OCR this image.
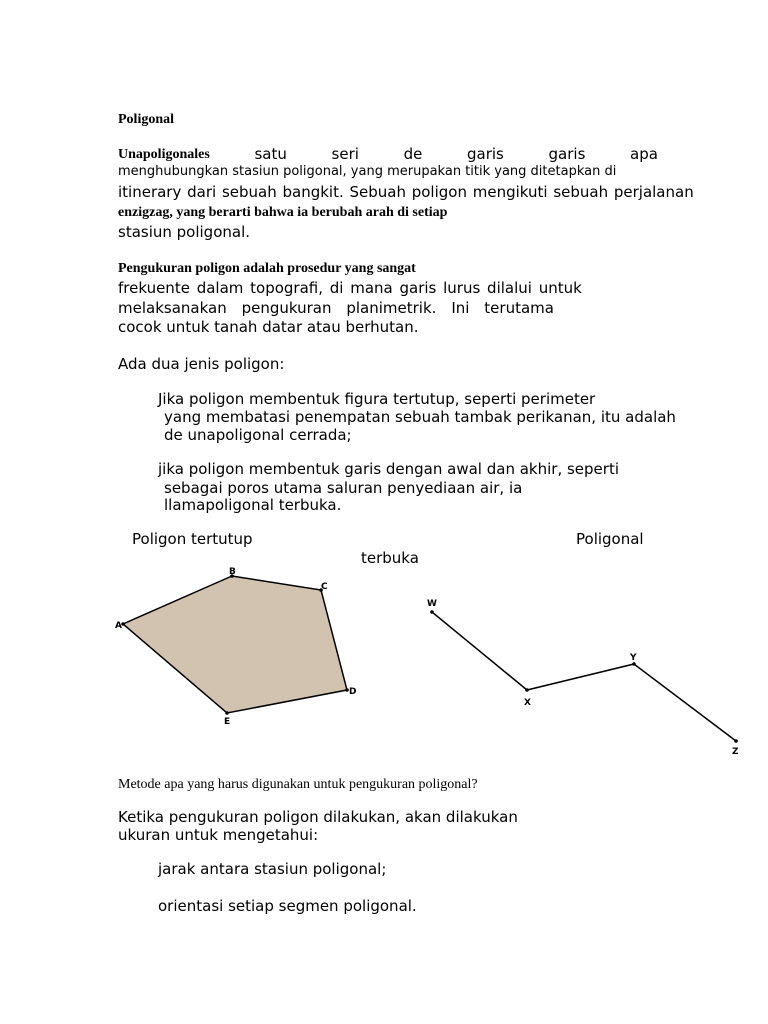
Poligonal
Unapoligonales	satu	seri	de	garis	garis	apa
menghubungkan stasiun poligonal, yang merupakan titik yang ditetapkan di
itinerary dari sebuah bangkit. Sebuah poligon mengikuti sebuah perjalanan
enzigzag, yang berarti bahwa ia berubah arah di setiap
stasiun poligonal.
Pengukuran poligon adalah prosedur yang sangat
frekuente dalam topografi, di mana garis lurus dilalui untuk
melaksanakan pengukuran planimetrik. Ini terutama
cocok untuk tanah datar atau berhutan.
Ada dua jenis poligon:
Jika poligon membentuk figura tertutup, seperti perimeter
yang membatasi penempatan sebuah tambak perikanan, itu adalah
de unapoligonal cerrada;
jika poligon membentuk garis dengan awal dan akhir, seperti
sebagai poros utama saluran penyediaan air, ia
llamapoligonal terbuka.
Poligon tertutup	Poligonal
terbuka
A
B
C
D
E
W
X
Y
Z
Metode apa yang harus digunakan untuk pengukuran poligonal?
Ketika pengukuran poligon dilakukan, akan dilakukan
ukuran untuk mengetahui:
jarak antara stasiun poligonal;
orientasi setiap segmen poligonal.
